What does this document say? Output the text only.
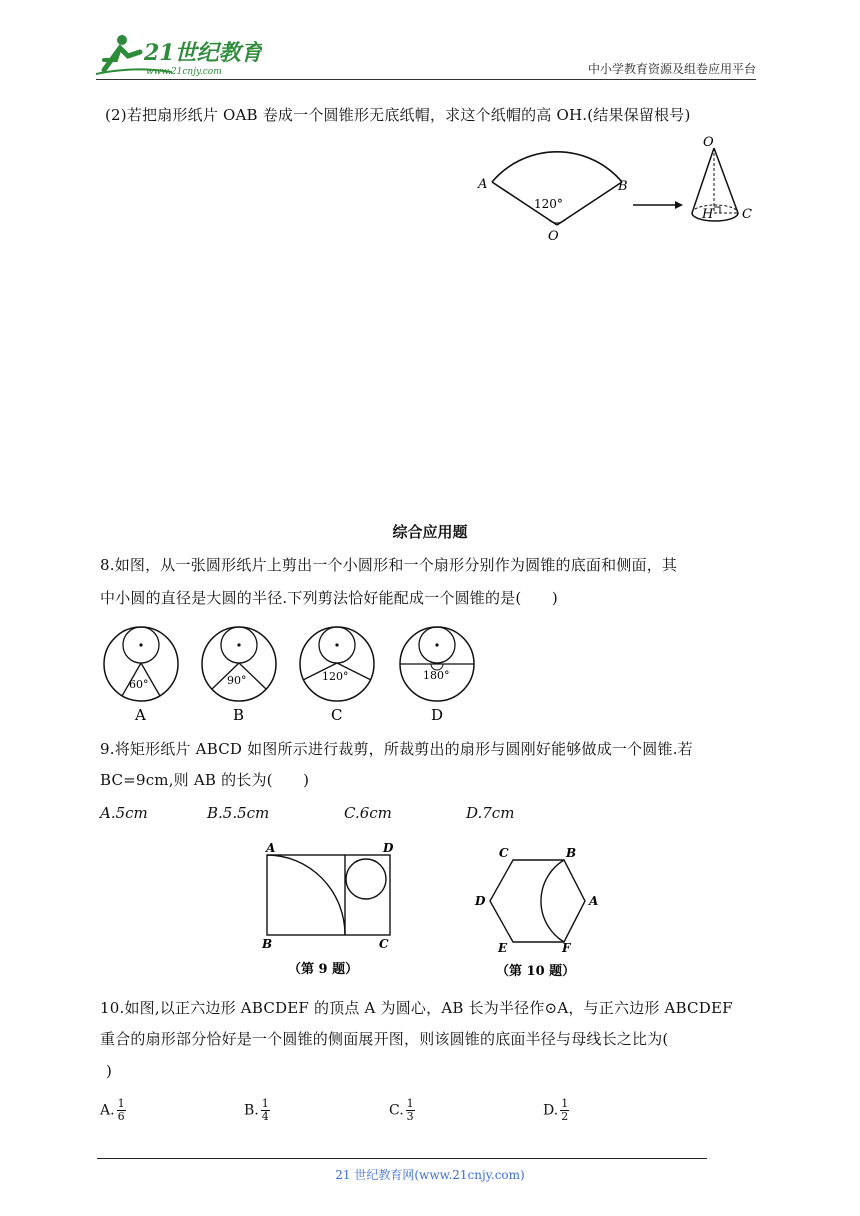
21世纪教育
www.21cnjy.com	中小学教育资源及组卷应用平台
(2)若把扇形纸片 OAB 卷成一个圆锥形无底纸帽，求这个纸帽的高 OH.(结果保留根号)
A	B
120°
O
O
H C
综合应用题
8.如图，从一张圆形纸片上剪出一个小圆形和一个扇形分别作为圆锥的底面和侧面，其
中小圆的直径是大圆的半径.下列剪法恰好能配成一个圆锥的是(　　)
60°
A
90°
B
120°
C
180°
D
9.将矩形纸片 ABCD 如图所示进行裁剪，所裁剪出的扇形与圆刚好能够做成一个圆锥.若
BC=9cm,则 AB 的长为(　　)
A.5cm	B.5.5cm	C.6cm	D.7cm
A	D
B	C
（第 9 题）
C	B
D	A
E	F
（第 10 题）
10.如图,以正六边形 ABCDEF 的顶点 A 为圆心，AB 长为半径作⊙A，与正六边形 ABCDEF
重合的扇形部分恰好是一个圆锥的侧面展开图，则该圆锥的底面半径与母线长之比为(
)
A. $\frac{1}{6}$	B. $\frac{1}{4}$	C. $\frac{1}{3}$	D. $\frac{1}{2}$
21 世纪教育网(www.21cnjy.com)
